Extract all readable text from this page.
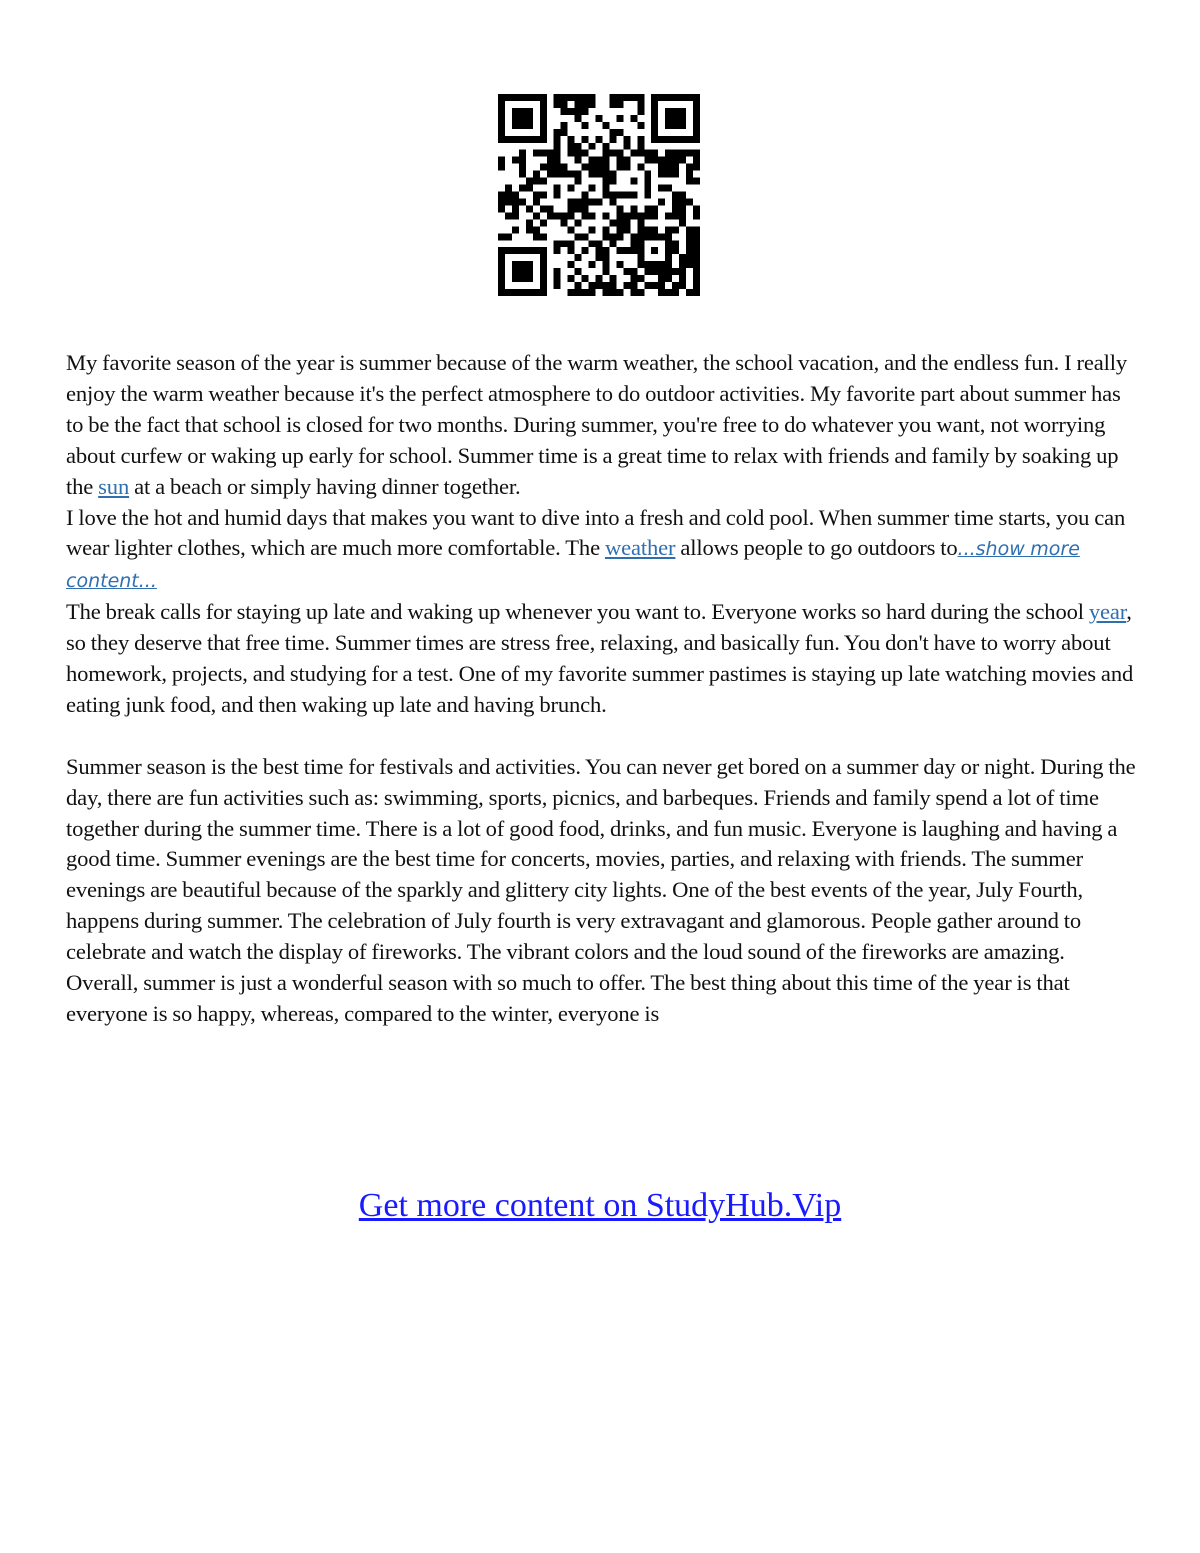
My favorite season of the year is summer because of the warm weather, the school vacation, and the endless fun. I really enjoy the warm weather because it's the perfect atmosphere to do outdoor activities. My favorite part about summer has to be the fact that school is closed for two months. During summer, you're free to do whatever you want, not worrying about curfew or waking up early for school. Summer time is a great time to relax with friends and family by soaking up the sun at a beach or simply having dinner together.

I love the hot and humid days that makes you want to dive into a fresh and cold pool. When summer time starts, you can wear lighter clothes, which are much more comfortable. The weather allows people to go outdoors to...show more content...

The break calls for staying up late and waking up whenever you want to. Everyone works so hard during the school year, so they deserve that free time. Summer times are stress free, relaxing, and basically fun. You don't have to worry about homework, projects, and studying for a test. One of my favorite summer pastimes is staying up late watching movies and eating junk food, and then waking up late and having brunch.

Summer season is the best time for festivals and activities. You can never get bored on a summer day or night. During the day, there are fun activities such as: swimming, sports, picnics, and barbeques. Friends and family spend a lot of time together during the summer time. There is a lot of good food, drinks, and fun music. Everyone is laughing and having a good time. Summer evenings are the best time for concerts, movies, parties, and relaxing with friends. The summer evenings are beautiful because of the sparkly and glittery city lights. One of the best events of the year, July Fourth, happens during summer. The celebration of July fourth is very extravagant and glamorous. People gather around to celebrate and watch the display of fireworks. The vibrant colors and the loud sound of the fireworks are amazing.

Overall, summer is just a wonderful season with so much to offer. The best thing about this time of the year is that everyone is so happy, whereas, compared to the winter, everyone is

Get more content on StudyHub.Vip
